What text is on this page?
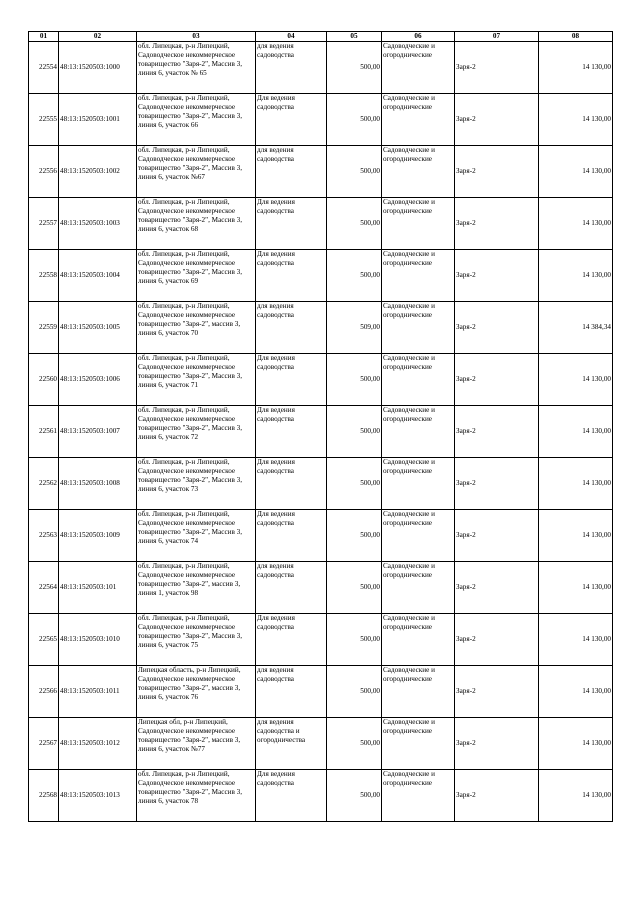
01	02	03	04	05	06	07	08
22554	48:13:1520503:1000	обл. Липецкая, р-н Липецкий, Садоводческое некоммерческое товарищество "Заря-2", Массив 3, линия 6, участок № 65	для ведения садоводства	500,00	Садоводческие и огороднические	Заря-2	14 130,00
22555	48:13:1520503:1001	обл. Липецкая, р-н Липецкий, Садоводческое некоммерческое товарищество "Заря-2", Массив 3, линия 6, участок 66	Для ведения садоводства	500,00	Садоводческие и огороднические	Заря-2	14 130,00
22556	48:13:1520503:1002	обл. Липецкая, р-н Липецкий, Садоводческое некоммерческое товарищество "Заря-2", Массив 3, линия 6, участок №67	для ведения садоводства	500,00	Садоводческие и огороднические	Заря-2	14 130,00
22557	48:13:1520503:1003	обл. Липецкая, р-н Липецкий, Садоводческое некоммерческое товарищество "Заря-2", Массив 3, линия 6, участок 68	Для ведения садоводства	500,00	Садоводческие и огороднические	Заря-2	14 130,00
22558	48:13:1520503:1004	обл. Липецкая, р-н Липецкий, Садоводческое некоммерческое товарищество "Заря-2", Массив 3, линия 6, участок 69	Для ведения садоводства	500,00	Садоводческие и огороднические	Заря-2	14 130,00
22559	48:13:1520503:1005	обл. Липецкая, р-н Липецкий, Садоводческое некоммерческое товарищество "Заря-2", массив 3, линия 6, участок 70	для ведения садоводства	509,00	Садоводческие и огороднические	Заря-2	14 384,34
22560	48:13:1520503:1006	обл. Липецкая, р-н Липецкий, Садоводческое некоммерческое товарищество "Заря-2", Массив 3, линия 6, участок 71	Для ведения садоводства	500,00	Садоводческие и огороднические	Заря-2	14 130,00
22561	48:13:1520503:1007	обл. Липецкая, р-н Липецкий, Садоводческое некоммерческое товарищество "Заря-2", Массив 3, линия 6, участок 72	Для ведения садоводства	500,00	Садоводческие и огороднические	Заря-2	14 130,00
22562	48:13:1520503:1008	обл. Липецкая, р-н Липецкий, Садоводческое некоммерческое товарищество "Заря-2", Массив 3, линия 6, участок 73	Для ведения садоводства	500,00	Садоводческие и огороднические	Заря-2	14 130,00
22563	48:13:1520503:1009	обл. Липецкая, р-н Липецкий, Садоводческое некоммерческое товарищество "Заря-2", Массив 3, линия 6, участок 74	Для ведения садоводства	500,00	Садоводческие и огороднические	Заря-2	14 130,00
22564	48:13:1520503:101	обл. Липецкая, р-н Липецкий, Садоводческое некоммерческое товарищество "Заря-2", массив 3, линия 1, участок 98	для ведения садоводства	500,00	Садоводческие и огороднические	Заря-2	14 130,00
22565	48:13:1520503:1010	обл. Липецкая, р-н Липецкий, Садоводческое некоммерческое товарищество "Заря-2", Массив 3, линия 6, участок 75	Для ведения садоводства	500,00	Садоводческие и огороднические	Заря-2	14 130,00
22566	48:13:1520503:1011	Липецкая область, р-н Липецкий, Садоводческое некоммерческое товарищество "Заря-2", массив 3, линия 6, участок 76	для ведения садоводства	500,00	Садоводческие и огороднические	Заря-2	14 130,00
22567	48:13:1520503:1012	Липецкая обл, р-н Липецкий, Садоводческое некоммерческое товарищество "Заря-2", массив 3, линия 6, участок №77	для ведения садоводства и огородничества	500,00	Садоводческие и огороднические	Заря-2	14 130,00
22568	48:13:1520503:1013	обл. Липецкая, р-н Липецкий, Садоводческое некоммерческое товарищество "Заря-2", Массив 3, линия 6, участок 78	Для ведения садоводства	500,00	Садоводческие и огороднические	Заря-2	14 130,00
